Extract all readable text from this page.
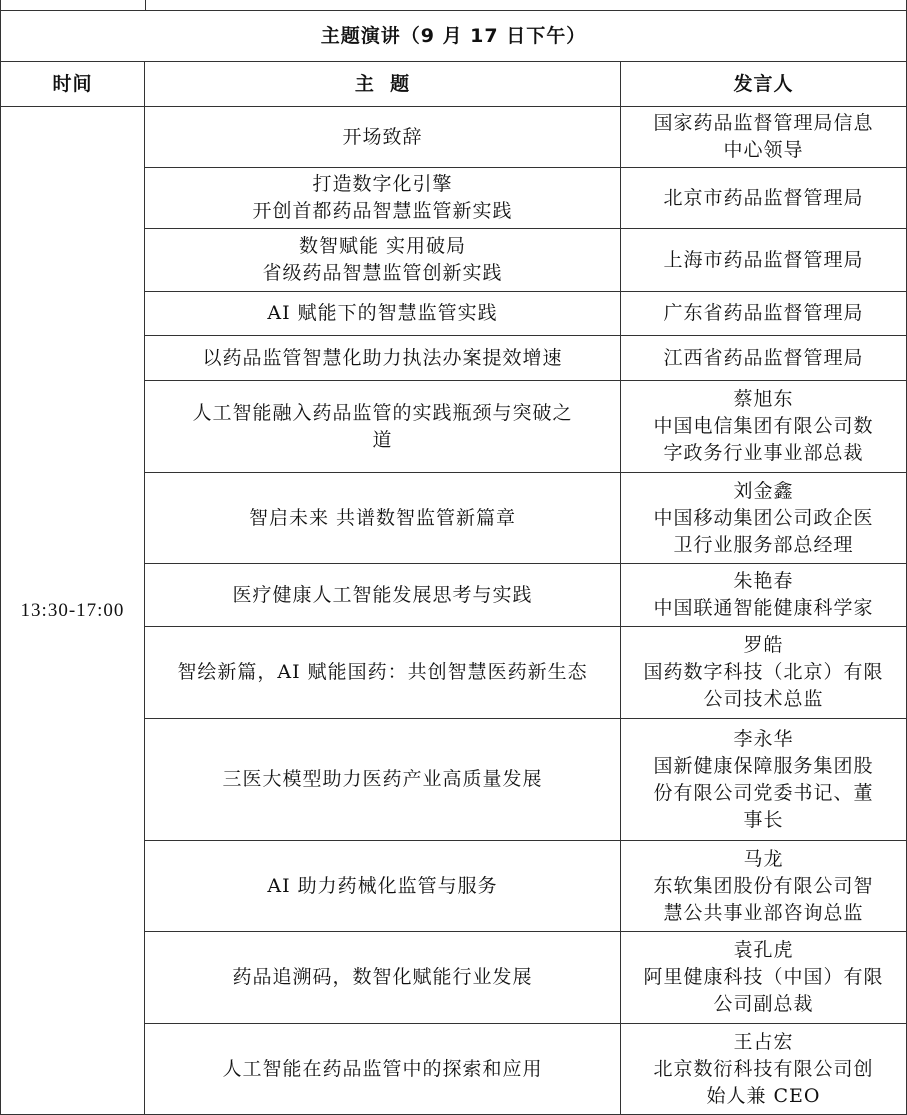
主题演讲（9 月 17 日下午）		
时间	主  题	发言人
13:30-17:00	开场致辞	国家药品监督管理局信息
中心领导

	打造数字化引擎
开创首都药品智慧监管新实践	北京市药品监督管理局

	数智赋能 实用破局
省级药品智慧监管创新实践	上海市药品监督管理局

	AI 赋能下的智慧监管实践	广东省药品监督管理局

	以药品监管智慧化助力执法办案提效增速	江西省药品监督管理局

	人工智能融入药品监管的实践瓶颈与突破之
道	蔡旭东
中国电信集团有限公司数
字政务行业事业部总裁

	智启未来 共谱数智监管新篇章	刘金鑫
中国移动集团公司政企医
卫行业服务部总经理

	医疗健康人工智能发展思考与实践	朱艳春
中国联通智能健康科学家

	智绘新篇，AI 赋能国药：共创智慧医药新生态	罗皓
国药数字科技（北京）有限
公司技术总监

	三医大模型助力医药产业高质量发展	李永华
国新健康保障服务集团股
份有限公司党委书记、董
事长

	AI 助力药械化监管与服务	马龙
东软集团股份有限公司智
慧公共事业部咨询总监

	药品追溯码，数智化赋能行业发展	袁孔虎
阿里健康科技（中国）有限
公司副总裁

	人工智能在药品监管中的探索和应用	王占宏
北京数衍科技有限公司创
始人兼 CEO
